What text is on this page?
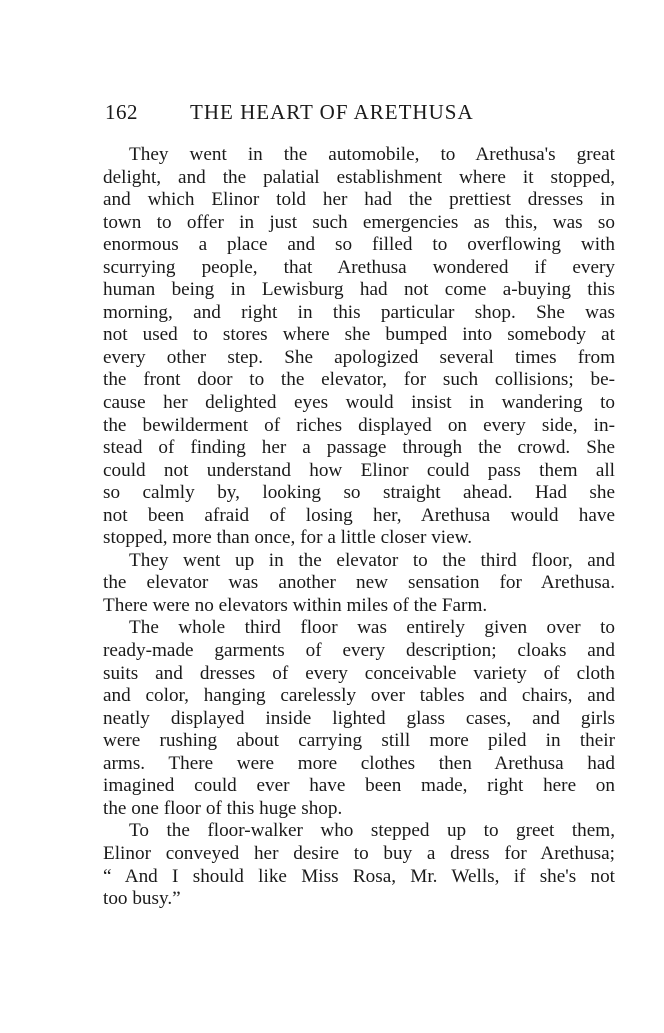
162 THE HEART OF ARETHUSA
They went in the automobile, to Arethusa's great
delight, and the palatial establishment where it stopped,
and which Elinor told her had the prettiest dresses in
town to offer in just such emergencies as this, was so
enormous a place and so filled to overflowing with
scurrying people, that Arethusa wondered if every
human being in Lewisburg had not come a-buying this
morning, and right in this particular shop. She was
not used to stores where she bumped into somebody at
every other step. She apologized several times from
the front door to the elevator, for such collisions; be-
cause her delighted eyes would insist in wandering to
the bewilderment of riches displayed on every side, in-
stead of finding her a passage through the crowd. She
could not understand how Elinor could pass them all
so calmly by, looking so straight ahead. Had she
not been afraid of losing her, Arethusa would have
stopped, more than once, for a little closer view.
They went up in the elevator to the third floor, and
the elevator was another new sensation for Arethusa.
There were no elevators within miles of the Farm.
The whole third floor was entirely given over to
ready-made garments of every description; cloaks and
suits and dresses of every conceivable variety of cloth
and color, hanging carelessly over tables and chairs, and
neatly displayed inside lighted glass cases, and girls
were rushing about carrying still more piled in their
arms. There were more clothes then Arethusa had
imagined could ever have been made, right here on
the one floor of this huge shop.
To the floor-walker who stepped up to greet them,
Elinor conveyed her desire to buy a dress for Arethusa;
“ And I should like Miss Rosa, Mr. Wells, if she's not
too busy.”
